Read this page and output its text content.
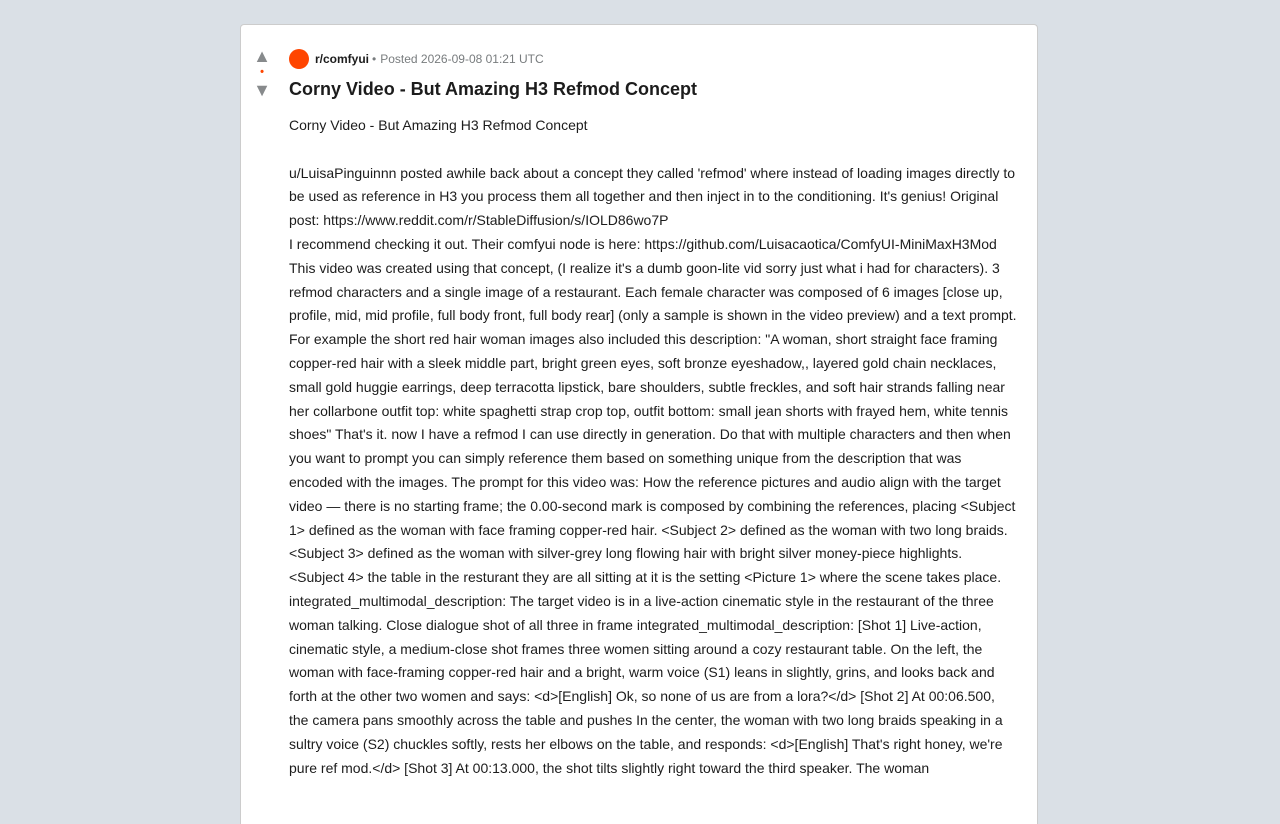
▲
•
▼
r/comfyui • Posted 2026-09-08 01:21 UTC
Corny Video - But Amazing H3 Refmod Concept

Corny Video - But Amazing H3 Refmod Concept

u/LuisaPinguinnn posted awhile back about a concept they called 'refmod' where instead of loading images directly to be used as reference in H3 you process them all together and then inject in to the conditioning. It's genius! Original post: https://www.reddit.com/r/StableDiffusion/s/IOLD86wo7P

I recommend checking it out. Their comfyui node is here: https://github.com/Luisacaotica/ComfyUI-MiniMaxH3Mod

This video was created using that concept, (I realize it's a dumb goon-lite vid sorry just what i had for characters). 3 refmod characters and a single image of a restaurant. Each female character was composed of 6 images [close up, profile, mid, mid profile, full body front, full body rear] (only a sample is shown in the video preview) and a text prompt.

For example the short red hair woman images also included this description: "A woman, short straight face framing copper-red hair with a sleek middle part, bright green eyes, soft bronze eyeshadow,, layered gold chain necklaces, small gold huggie earrings, deep terracotta lipstick, bare shoulders, subtle freckles, and soft hair strands falling near her collarbone outfit top: white spaghetti strap crop top, outfit bottom: small jean shorts with frayed hem, white tennis shoes" That's it. now I have a refmod I can use directly in generation. Do that with multiple characters and then when you want to prompt you can simply reference them based on something unique from the description that was encoded with the images. The prompt for this video was: How the reference pictures and audio align with the target video — there is no starting frame; the 0.00-second mark is composed by combining the references, placing <Subject 1> defined as the woman with face framing copper-red hair. <Subject 2> defined as the woman with two long braids. <Subject 3> defined as the woman with silver-grey long flowing hair with bright silver money-piece highlights. <Subject 4> the table in the resturant they are all sitting at it is the setting <Picture 1> where the scene takes place. integrated_multimodal_description: The target video is in a live-action cinematic style in the restaurant of the three woman talking. Close dialogue shot of all three in frame integrated_multimodal_description: [Shot 1] Live-action, cinematic style, a medium-close shot frames three women sitting around a cozy restaurant table. On the left, the woman with face-framing copper-red hair and a bright, warm voice (S1) leans in slightly, grins, and looks back and forth at the other two women and says: <d>[English] Ok, so none of us are from a lora?</d> [Shot 2] At 00:06.500, the camera pans smoothly across the table and pushes In the center, the woman with two long braids speaking in a sultry voice (S2) chuckles softly, rests her elbows on the table, and responds: <d>[English] That's right honey, we're pure ref mod.</d> [Shot 3] At 00:13.000, the shot tilts slightly right toward the third speaker. The woman
